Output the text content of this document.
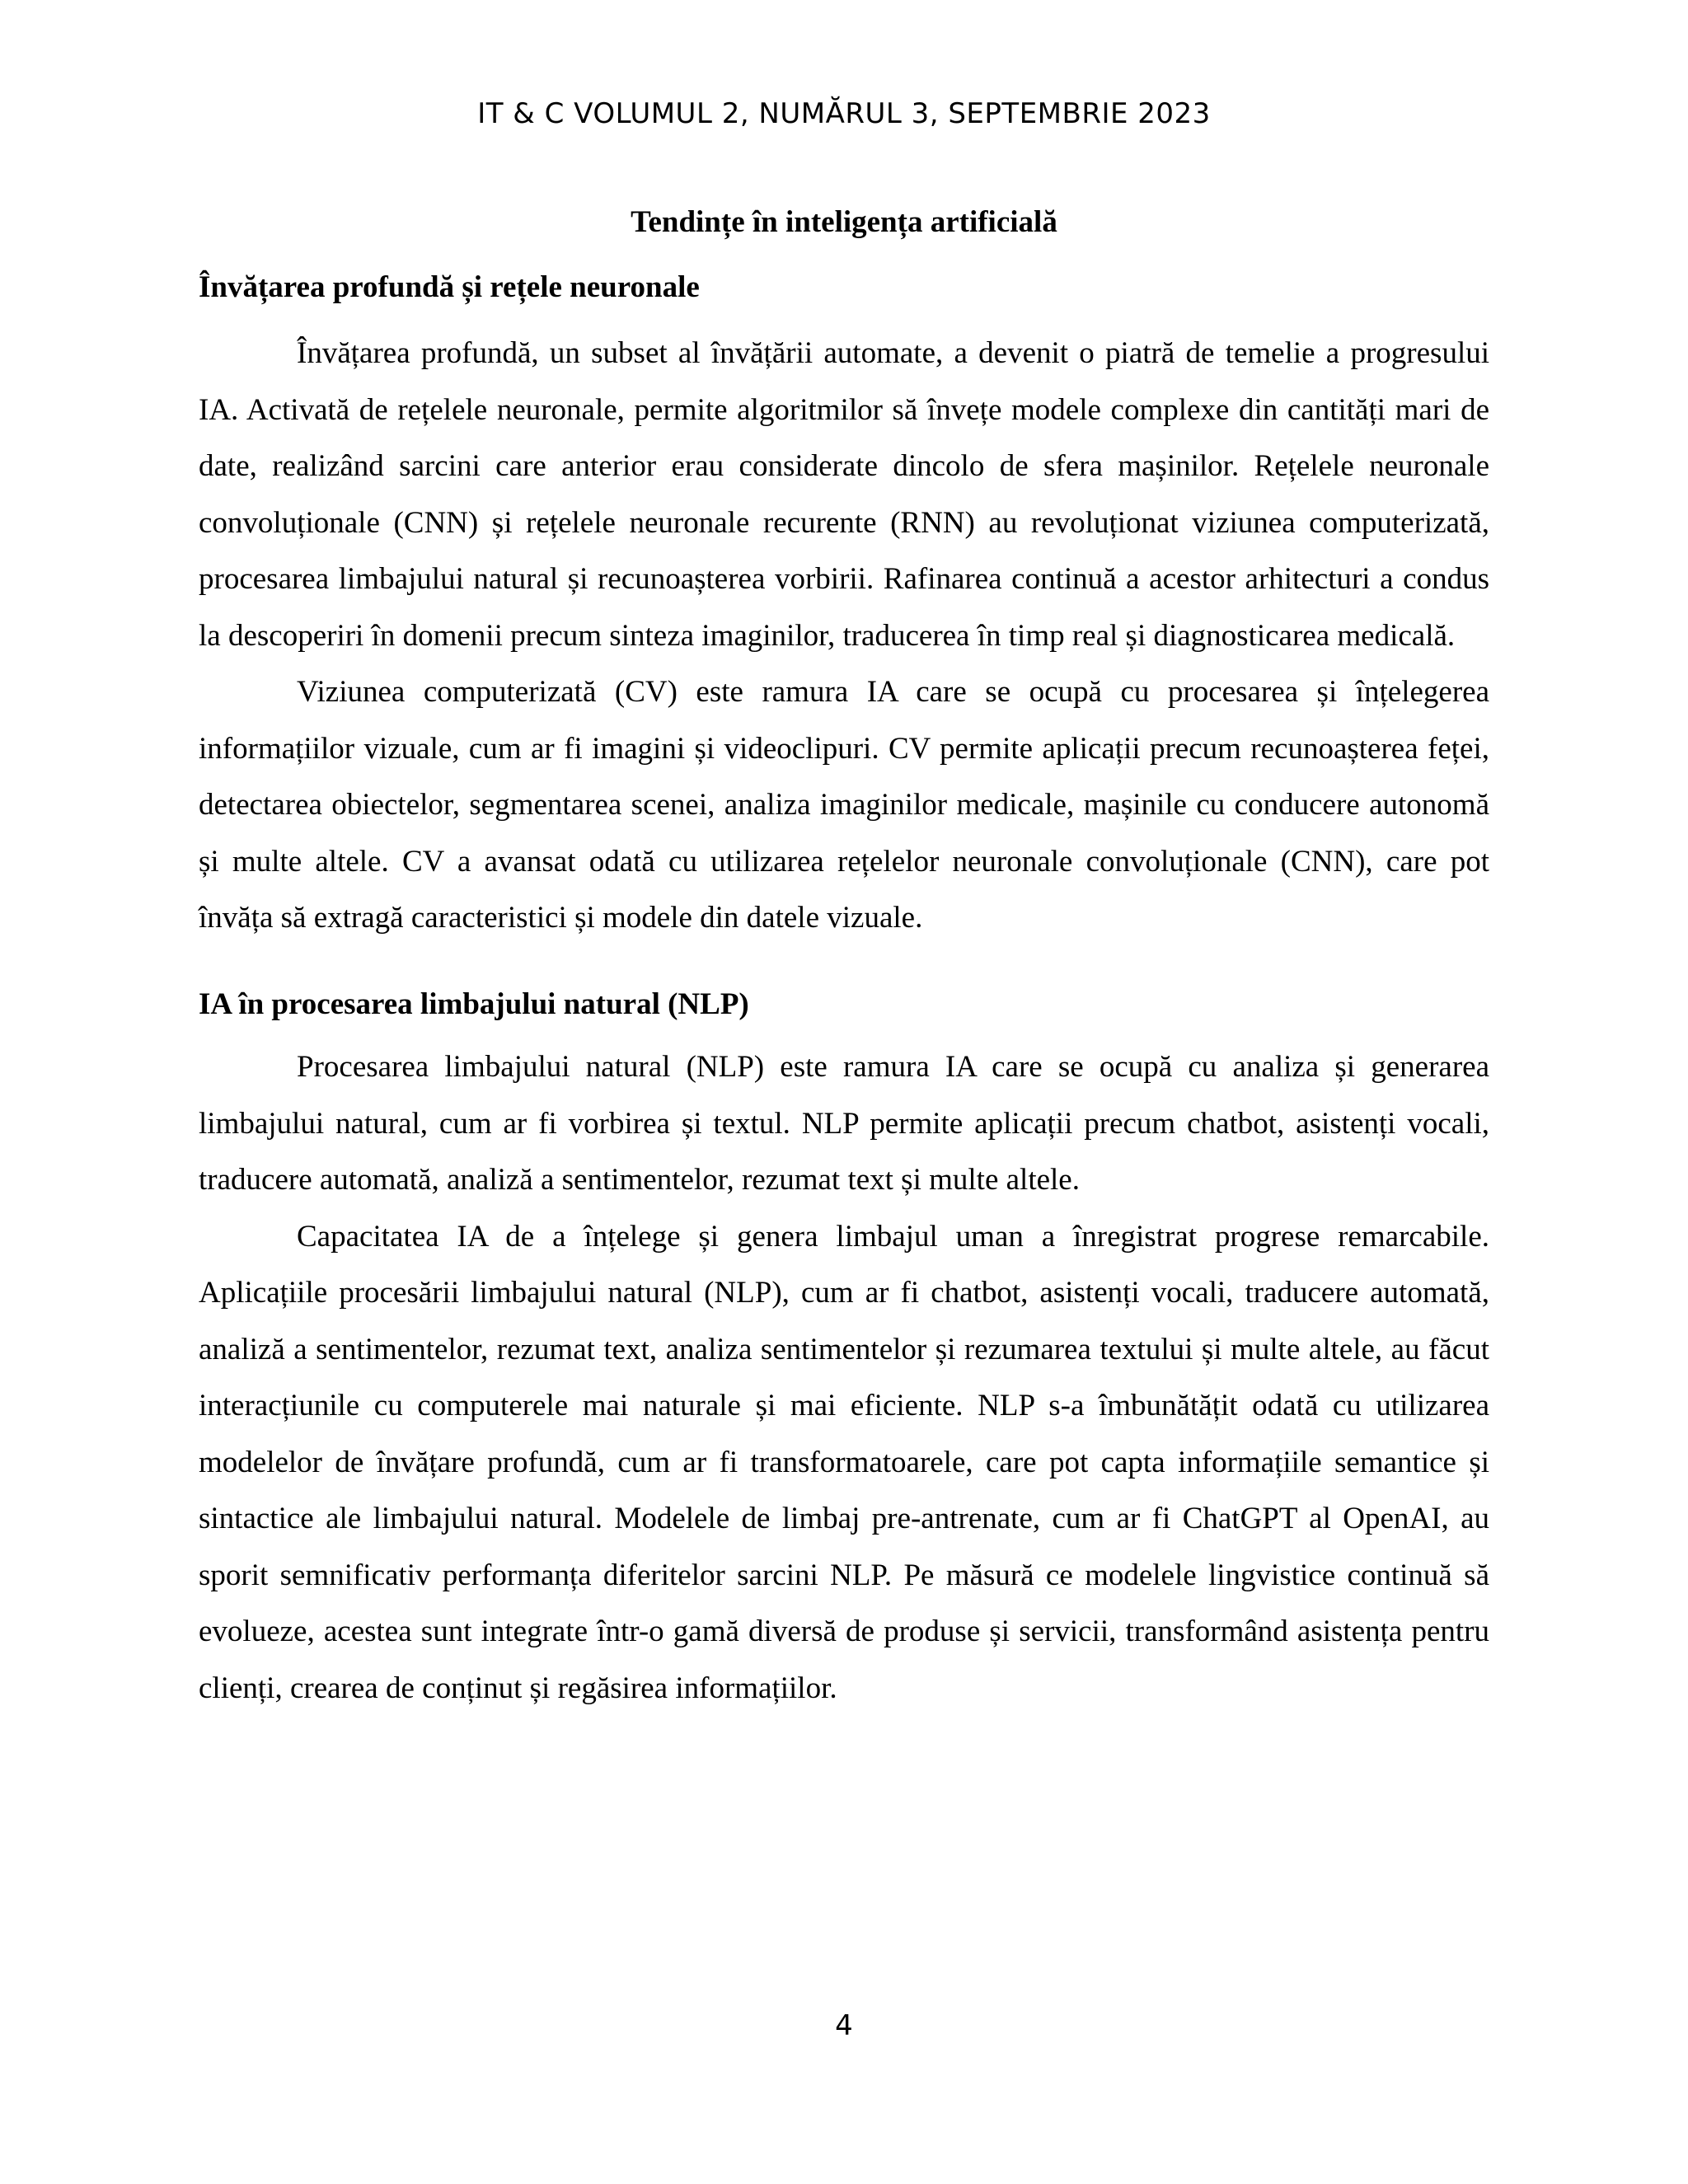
IT & C VOLUMUL 2, NUMĂRUL 3, SEPTEMBRIE 2023
Tendințe în inteligența artificială
Învățarea profundă și rețele neuronale

Învățarea profundă, un subset al învățării automate, a devenit o piatră de temelie a progresului IA. Activată de rețelele neuronale, permite algoritmilor să învețe modele complexe din cantități mari de date, realizând sarcini care anterior erau considerate dincolo de sfera mașinilor. Rețelele neuronale convoluționale (CNN) și rețelele neuronale recurente (RNN) au revoluționat viziunea computerizată, procesarea limbajului natural și recunoașterea vorbirii. Rafinarea continuă a acestor arhitecturi a condus la descoperiri în domenii precum sinteza imaginilor, traducerea în timp real și diagnosticarea medicală.

Viziunea computerizată (CV) este ramura IA care se ocupă cu procesarea și înțelegerea informațiilor vizuale, cum ar fi imagini și videoclipuri. CV permite aplicații precum recunoașterea feței, detectarea obiectelor, segmentarea scenei, analiza imaginilor medicale, mașinile cu conducere autonomă și multe altele. CV a avansat odată cu utilizarea rețelelor neuronale convoluționale (CNN), care pot învăța să extragă caracteristici și modele din datele vizuale.

IA în procesarea limbajului natural (NLP)

Procesarea limbajului natural (NLP) este ramura IA care se ocupă cu analiza și generarea limbajului natural, cum ar fi vorbirea și textul. NLP permite aplicații precum chatbot, asistenți vocali, traducere automată, analiză a sentimentelor, rezumat text și multe altele.

Capacitatea IA de a înțelege și genera limbajul uman a înregistrat progrese remarcabile. Aplicațiile procesării limbajului natural (NLP), cum ar fi chatbot, asistenți vocali, traducere automată, analiză a sentimentelor, rezumat text, analiza sentimentelor și rezumarea textului și multe altele, au făcut interacțiunile cu computerele mai naturale și mai eficiente. NLP s-a îmbunătățit odată cu utilizarea modelelor de învățare profundă, cum ar fi transformatoarele, care pot capta informațiile semantice și sintactice ale limbajului natural. Modelele de limbaj pre-antrenate, cum ar fi ChatGPT al OpenAI, au sporit semnificativ performanța diferitelor sarcini NLP. Pe măsură ce modelele lingvistice continuă să evolueze, acestea sunt integrate într-o gamă diversă de produse și servicii, transformând asistența pentru clienți, crearea de conținut și regăsirea informațiilor.

4
